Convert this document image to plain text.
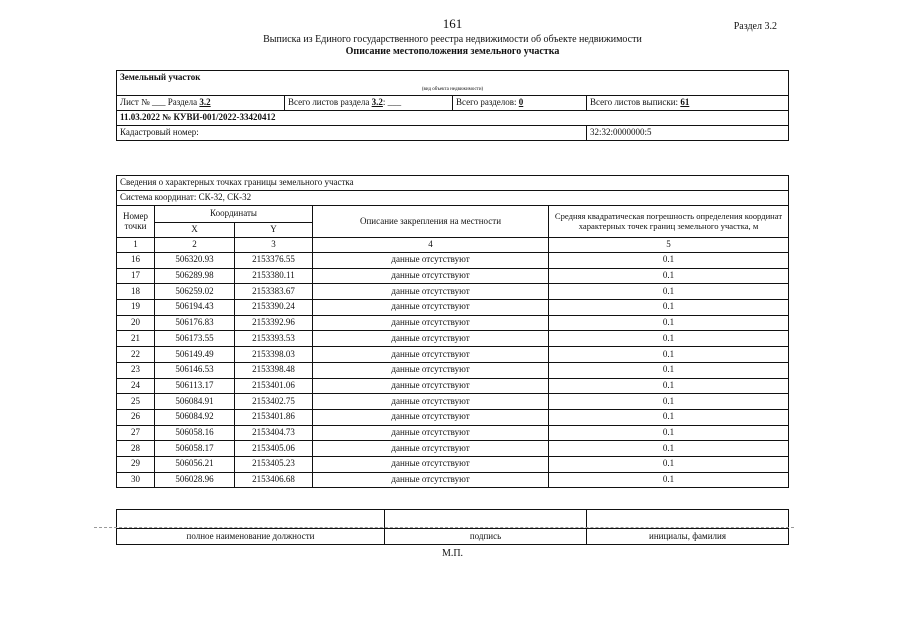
161	Раздел 3.2
Выписка из Единого государственного реестра недвижимости об объекте недвижимости
Описание местоположения земельного участка
Земельный участок			
(вид объекта недвижимости)			
Лист № ___ Раздела 3.2	Всего листов раздела 3.2: ___	Всего разделов: 0	Всего листов выписки: 61
11.03.2022 № КУВИ-001/2022-33420412			
Кадастровый номер:			32:32:0000000:5
Сведения о характерных точках границы земельного участка				
Система координат: СК-32, СК-32				
Номер точки	Координаты		Описание закрепления на местности	Средняя квадратическая погрешность определения координат характерных точек границ земельного участка, м
	X	Y		
1	2	3	4	5
16	506320.93	2153376.55	данные отсутствуют	0.1
17	506289.98	2153380.11	данные отсутствуют	0.1
18	506259.02	2153383.67	данные отсутствуют	0.1
19	506194.43	2153390.24	данные отсутствуют	0.1
20	506176.83	2153392.96	данные отсутствуют	0.1
21	506173.55	2153393.53	данные отсутствуют	0.1
22	506149.49	2153398.03	данные отсутствуют	0.1
23	506146.53	2153398.48	данные отсутствуют	0.1
24	506113.17	2153401.06	данные отсутствуют	0.1
25	506084.91	2153402.75	данные отсутствуют	0.1
26	506084.92	2153401.86	данные отсутствуют	0.1
27	506058.16	2153404.73	данные отсутствуют	0.1
28	506058.17	2153405.06	данные отсутствуют	0.1
29	506056.21	2153405.23	данные отсутствуют	0.1
30	506028.96	2153406.68	данные отсутствуют	0.1

полное наименование должности	подпись	инициалы, фамилия
М.П.
